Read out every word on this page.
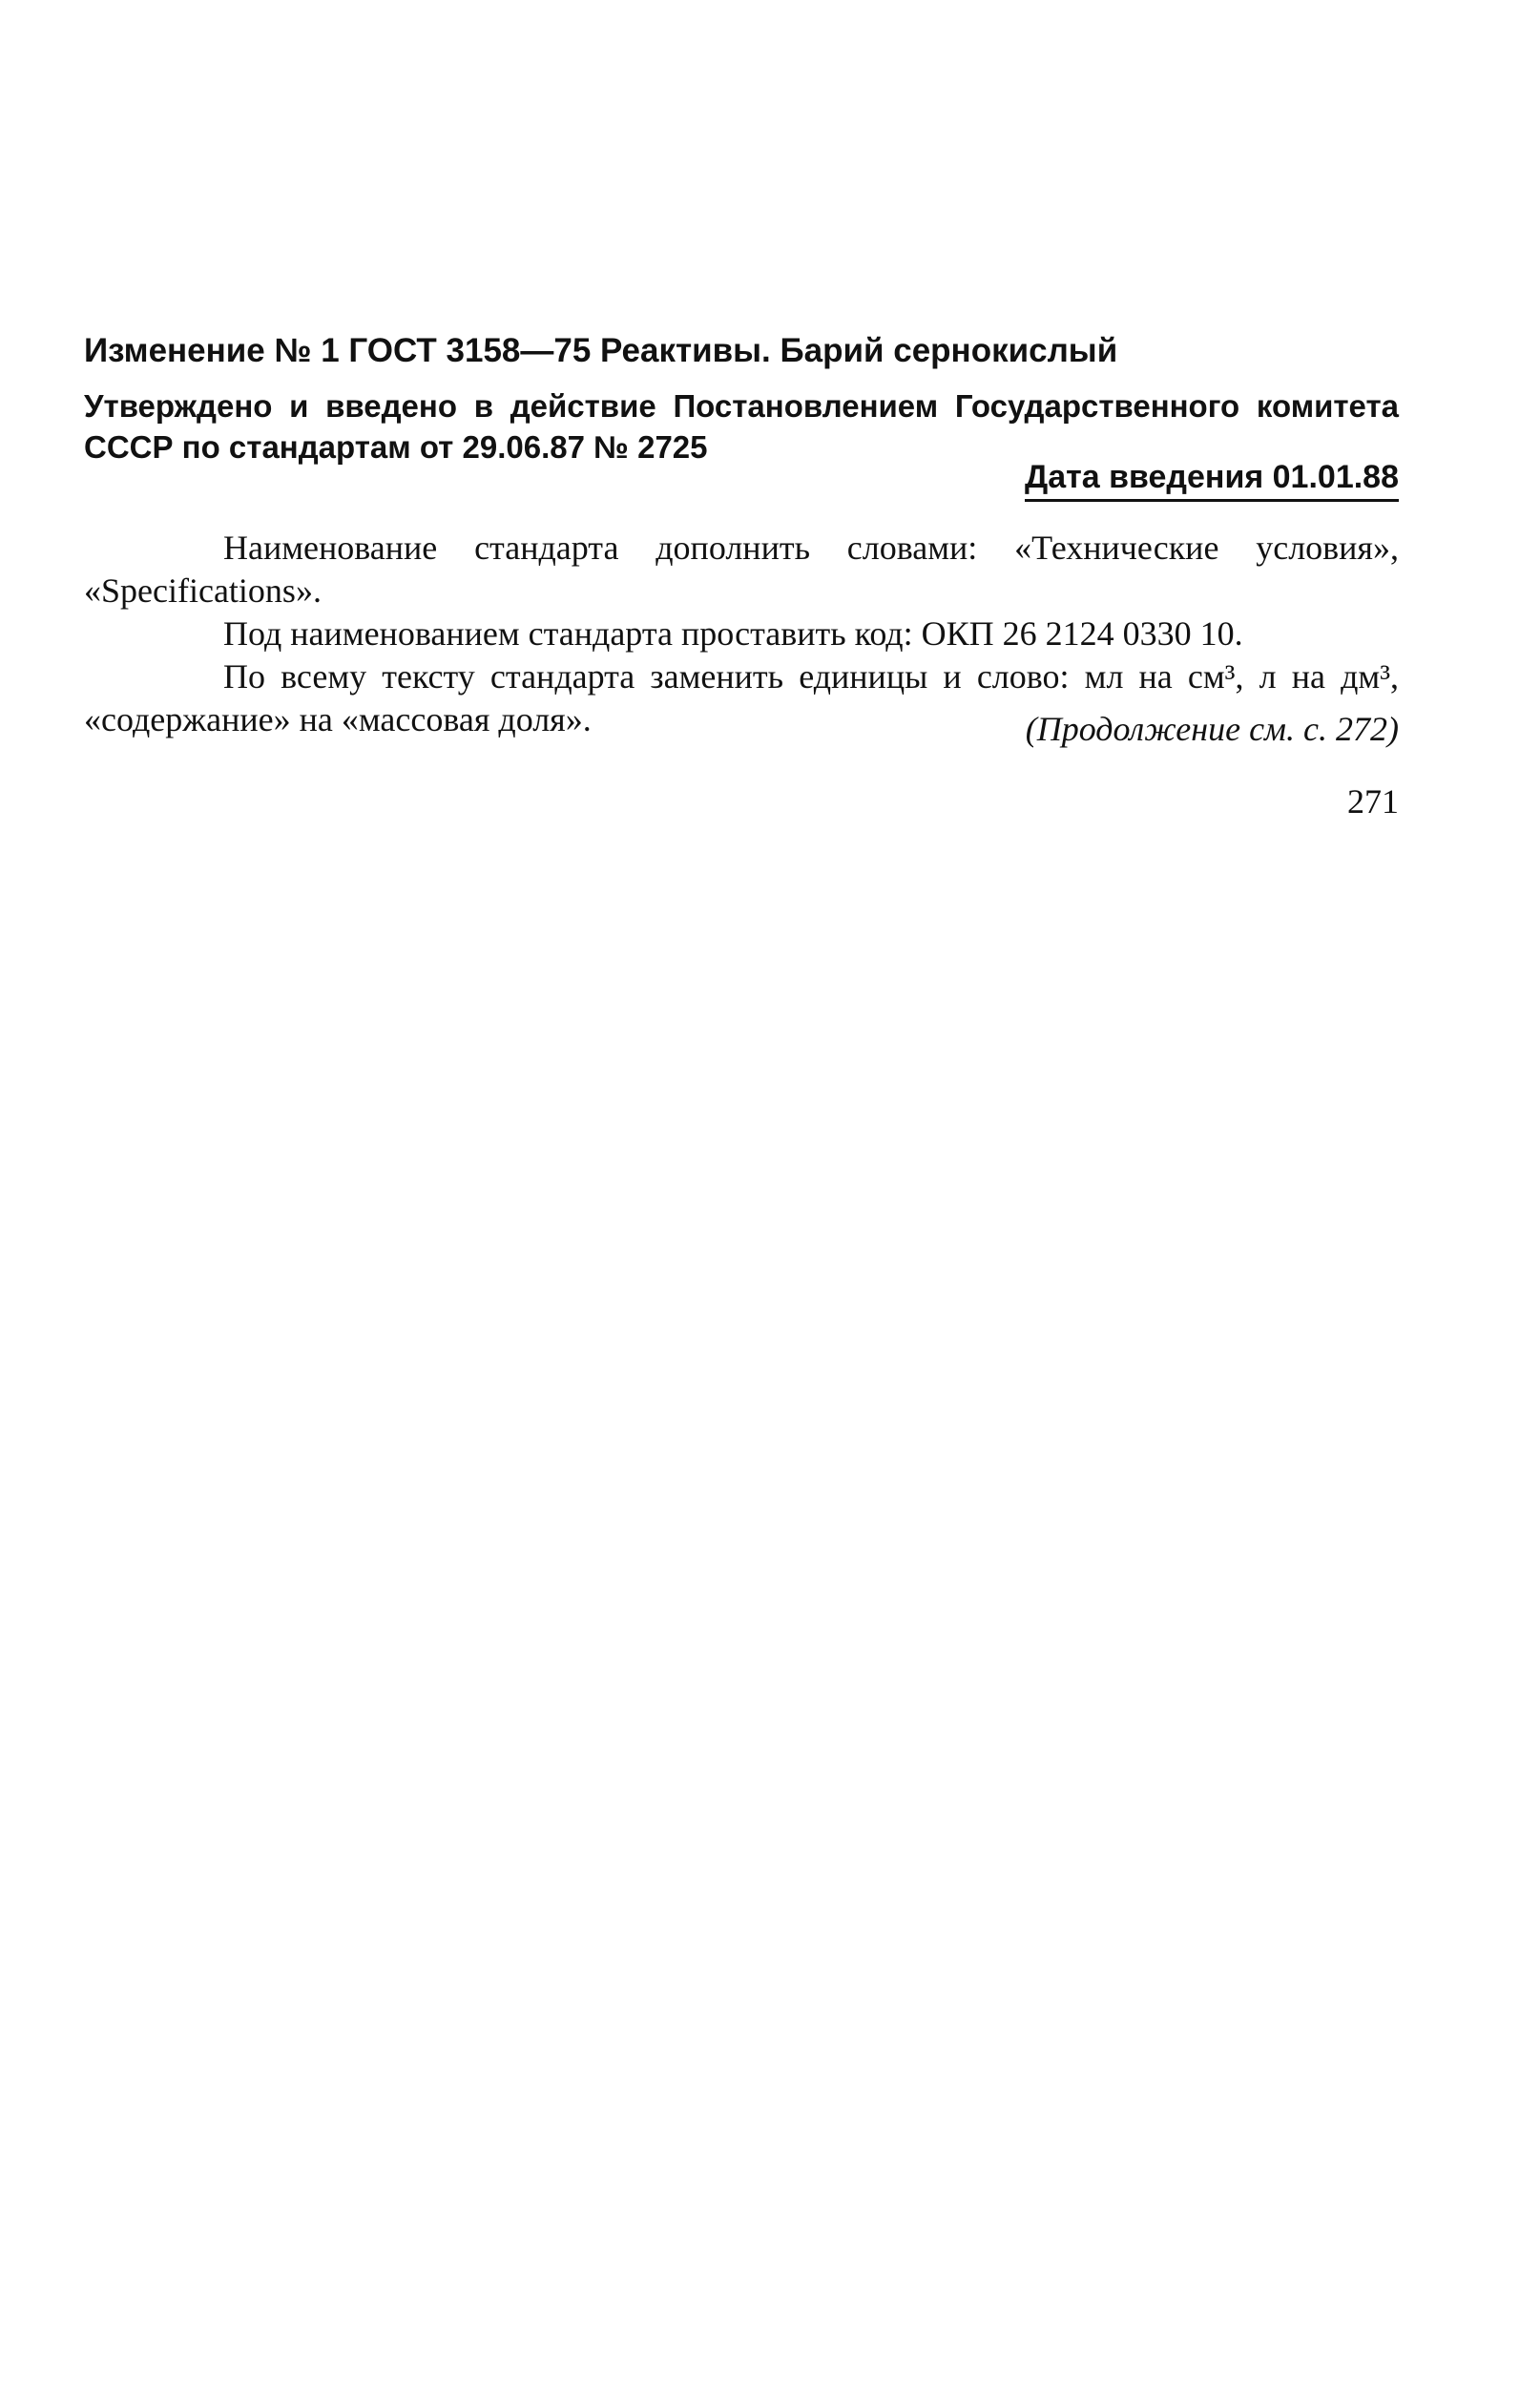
Изменение № 1 ГОСТ 3158—75 Реактивы. Барий сернокислый
Утверждено и введено в действие Постановлением Государственного комитета СССР по стандартам от 29.06.87 № 2725
Дата введения 01.01.88

Наименование стандарта дополнить словами: «Технические условия», «Specifications».

Под наименованием стандарта проставить код: ОКП 26 2124 0330 10.

По всему тексту стандарта заменить единицы и слово: мл на см³, л на дм³, «содержание» на «массовая доля».	(Продолжение см. с. 272)
271
